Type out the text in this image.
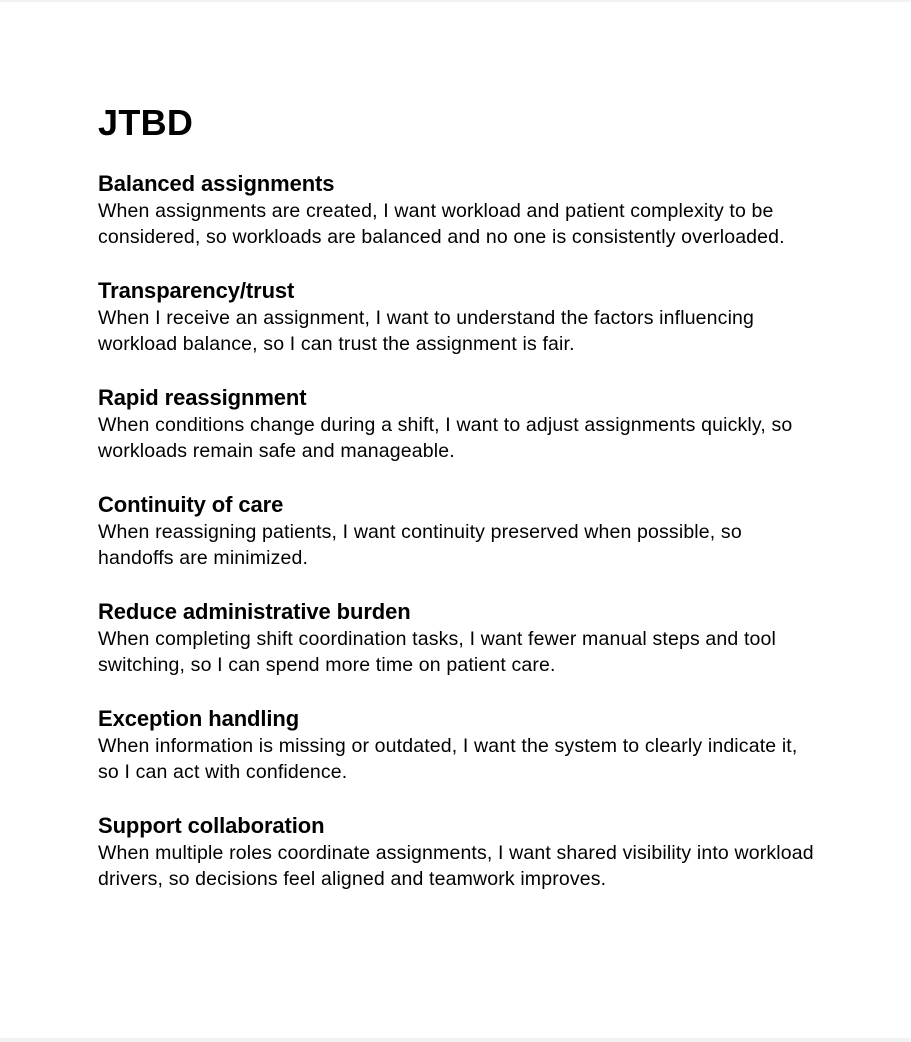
JTBD
Balanced assignments

When assignments are created, I want workload and patient complexity to be considered, so workloads are balanced and no one is consistently overloaded.

Transparency/trust

When I receive an assignment, I want to understand the factors influencing workload balance, so I can trust the assignment is fair.

Rapid reassignment

When conditions change during a shift, I want to adjust assignments quickly, so workloads remain safe and manageable.

Continuity of care

When reassigning patients, I want continuity preserved when possible, so handoffs are minimized.

Reduce administrative burden

When completing shift coordination tasks, I want fewer manual steps and tool switching, so I can spend more time on patient care.

Exception handling

When information is missing or outdated, I want the system to clearly indicate it, so I can act with confidence.

Support collaboration

When multiple roles coordinate assignments, I want shared visibility into workload drivers, so decisions feel aligned and teamwork improves.
